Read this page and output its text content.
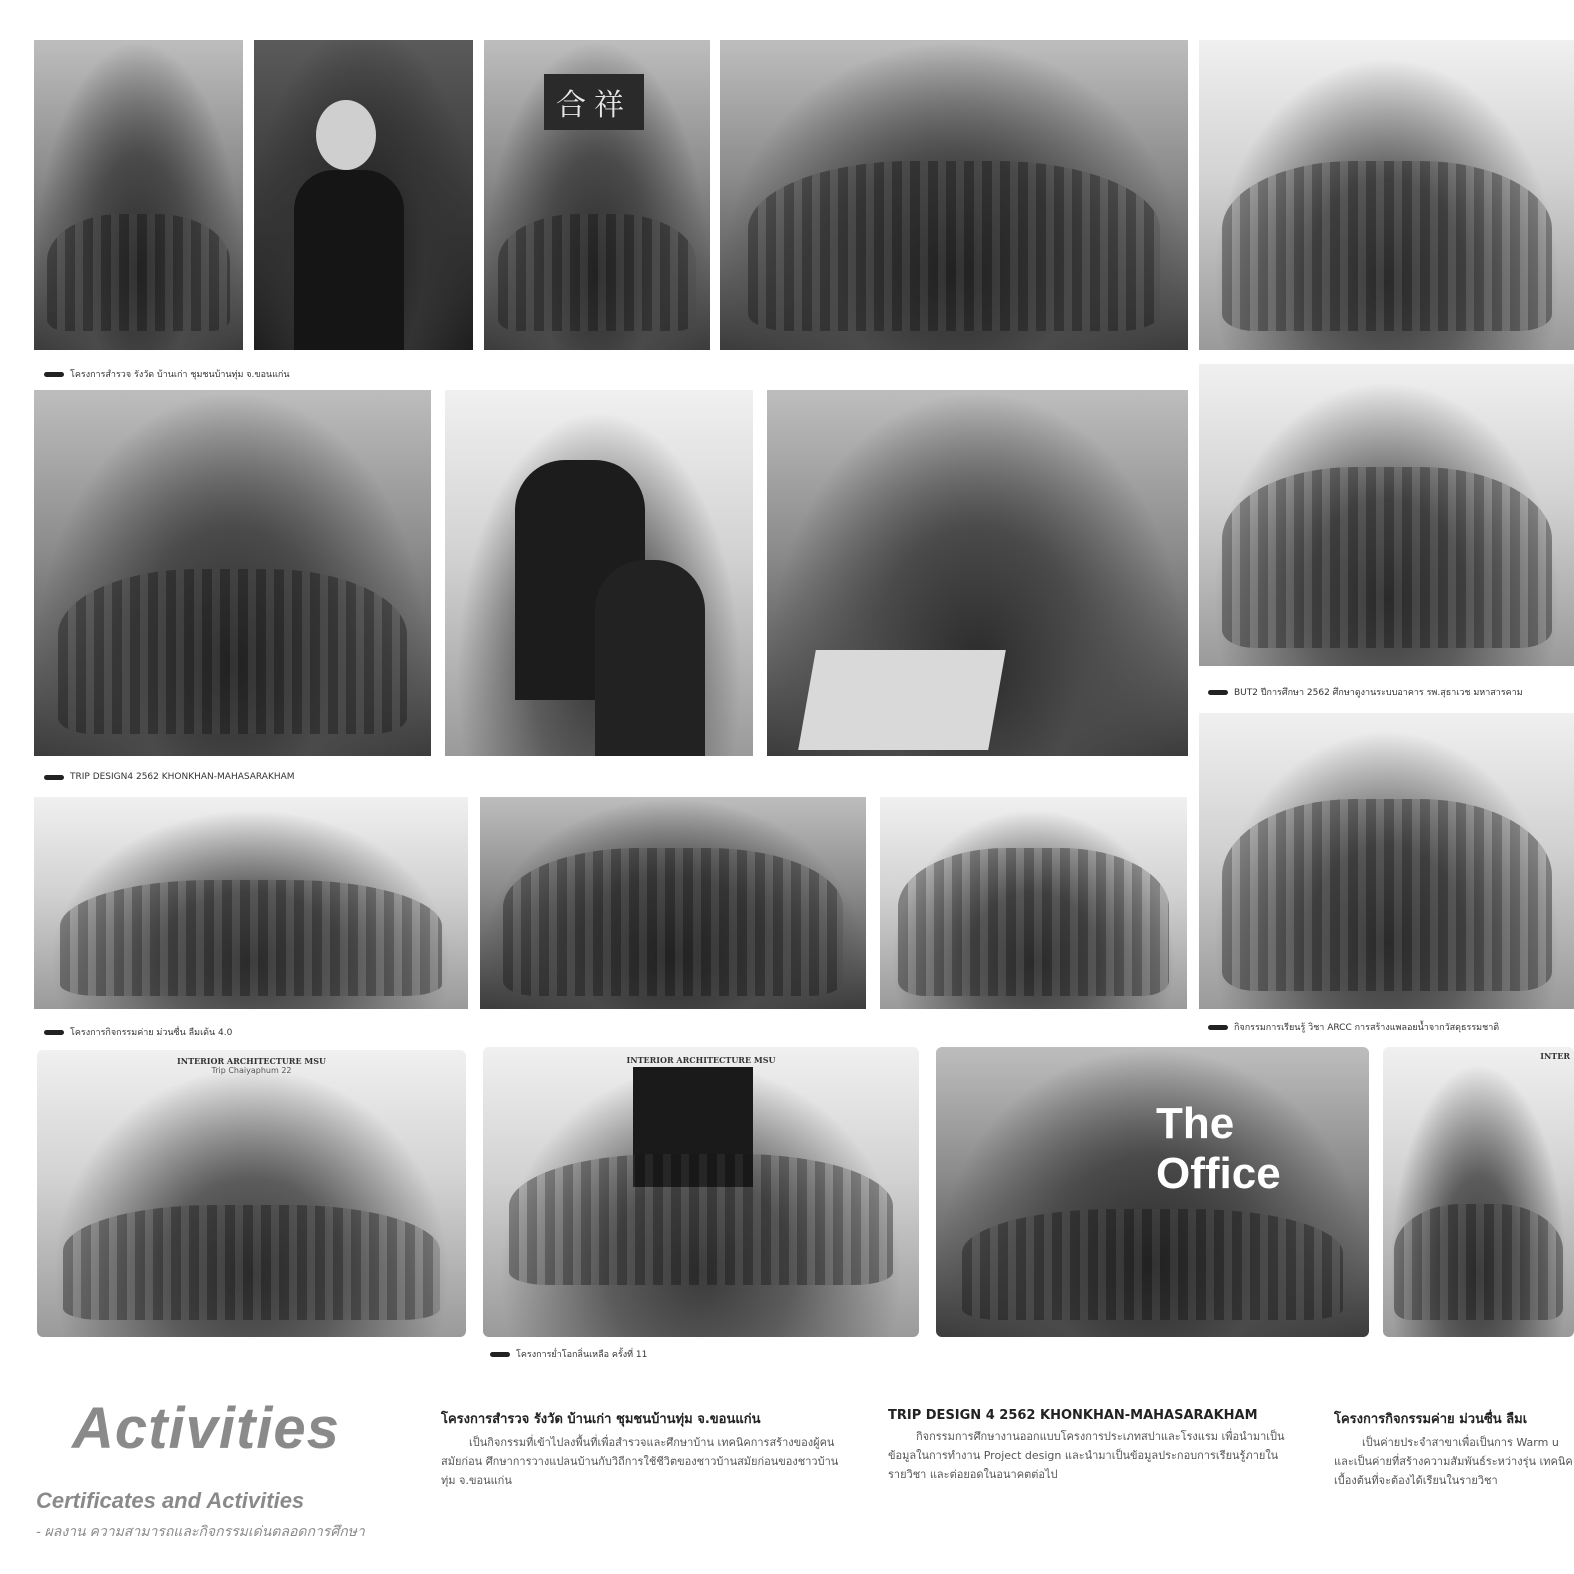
合祥
โครงการสำรวจ รังวัด บ้านเก่า ชุมชนบ้านทุ่ม จ.ขอนแก่น
TRIP DESIGN4 2562 KHONKHAN-MAHASARAKHAM
BUT2 ปีการศึกษา 2562 ศึกษาดูงานระบบอาคาร รพ.สุธาเวช มหาสารคาม
โครงการกิจกรรมค่าย ม่วนซื่น ลืมเด้น 4.0	กิจกรรมการเรียนรู้ วิชา ARCC การสร้างแพลอยน้ำจากวัสดุธรรมชาติ
INTERIOR ARCHITECTURE MSU
Trip Chaiyaphum 22
INTERIOR ARCHITECTURE MSU
The Office
INTER
โครงการย่ำโอกลิ่นเหลือ ครั้งที่ 11
Activities
Certificates and Activities
- ผลงาน ความสามารถและกิจกรรมเด่นตลอดการศึกษา
โครงการสำรวจ รังวัด บ้านเก่า ชุมชนบ้านทุ่ม จ.ขอนแก่น

เป็นกิจกรรมที่เข้าไปลงพื้นที่เพื่อสำรวจและศึกษาบ้าน เทคนิคการสร้างของผู้คนสมัยก่อน ศึกษาการวางแปลนบ้านกับวิถีการใช้ชีวิตของชาวบ้านสมัยก่อนของชาวบ้านทุ่ม จ.ขอนแก่น

TRIP DESIGN 4 2562 KHONKHAN-MAHASARAKHAM

กิจกรรมการศึกษางานออกแบบโครงการประเภทสปาและโรงแรม เพื่อนำมาเป็นข้อมูลในการทำงาน Project design และนำมาเป็นข้อมูลประกอบการเรียนรู้ภายในรายวิชา และต่อยอดในอนาคตต่อไป

โครงการกิจกรรมค่าย ม่วนซื่น ลืมเ

เป็นค่ายประจำสาขาเพื่อเป็นการ Warm u และเป็นค่ายที่สร้างความสัมพันธ์ระหว่างรุ่น เทคนิคเบื้องต้นที่จะต้องได้เรียนในรายวิชา
